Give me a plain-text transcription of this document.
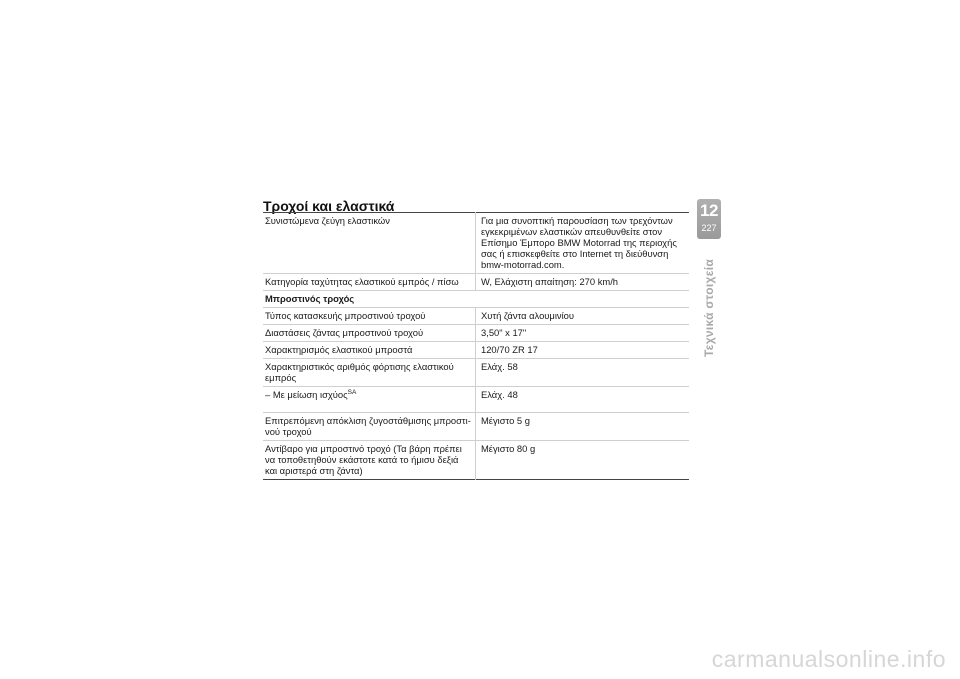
Τροχοί και ελαστικά
Συνιστώμενα ζεύγη ελαστικών	Για μια συνοπτική παρουσίαση των τρεχόντων εγκεκριμένων ελαστικών απευθυνθείτε στον Επίσημο Έμπορο BMW Motorrad της περιοχής σας ή επισκεφθείτε στο Internet τη διεύθυνση bmw-motorrad.com.
Κατηγορία ταχύτητας ελαστικού εμπρός / πίσω	W, Ελάχιστη απαίτηση: 270 km/h
Μπροστινός τροχός	
Τύπος κατασκευής μπροστινού τροχού	Χυτή ζάντα αλουμινίου
Διαστάσεις ζάντας μπροστινού τροχού	3,50" x 17"
Χαρακτηρισμός ελαστικού μπροστά	120/70 ZR 17
Χαρακτηριστικός αριθμός φόρτισης ελαστικού εμπρός	Ελάχ. 58
– Με μείωση ισχύος$^{SA}$	Ελάχ. 48
Επιτρεπόμενη απόκλιση ζυγοστάθμισης μπροστι-νού τροχού	Μέγιστο 5 g
Αντίβαρο για μπροστινό τροχό (Τα βάρη πρέπει να τοποθετηθούν εκάστοτε κατά το ήμισυ δεξιά και αριστερά στη ζάντα)	Μέγιστο 80 g
12
227
Τεχνικά στοιχεία
carmanualsonline.info
